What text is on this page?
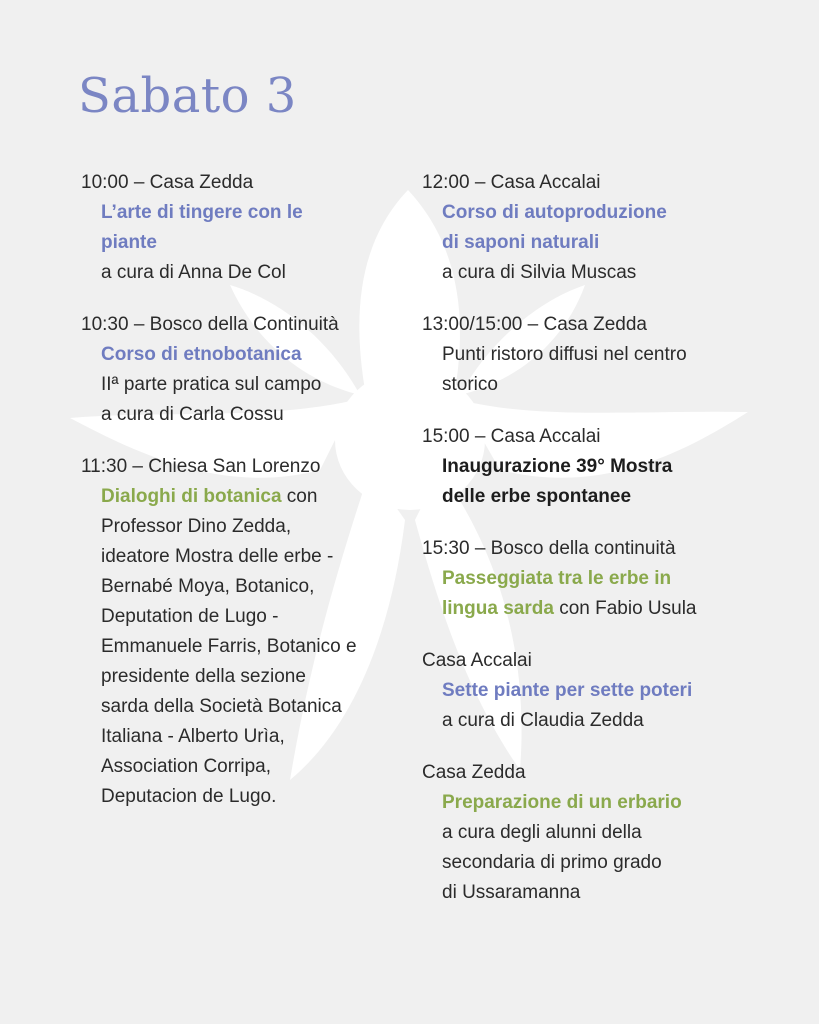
Sabato 3
10:00 – Casa Zedda
L’arte di tingere con le
piante
a cura di Anna De Col
10:30 – Bosco della Continuità
Corso di etnobotanica
IIª parte pratica sul campo
a cura di Carla Cossu
11:30 – Chiesa San Lorenzo
Dialoghi di botanica con
Professor Dino Zedda,
ideatore Mostra delle erbe -
Bernabé Moya, Botanico,
Deputation de Lugo -
Emmanuele Farris, Botanico e
presidente della sezione
sarda della Società Botanica
Italiana - Alberto Urìa,
Association Corripa,
Deputacion de Lugo.
12:00 – Casa Accalai
Corso di autoproduzione
di saponi naturali
a cura di Silvia Muscas
13:00/15:00 – Casa Zedda
Punti ristoro diffusi nel centro
storico
15:00 – Casa Accalai
Inaugurazione 39° Mostra
delle erbe spontanee
15:30 – Bosco della continuità
Passeggiata tra le erbe in
lingua sarda con Fabio Usula
Casa Accalai
Sette piante per sette poteri
a cura di Claudia Zedda
Casa Zedda
Preparazione di un erbario
a cura degli alunni della
secondaria di primo grado
di Ussaramanna
